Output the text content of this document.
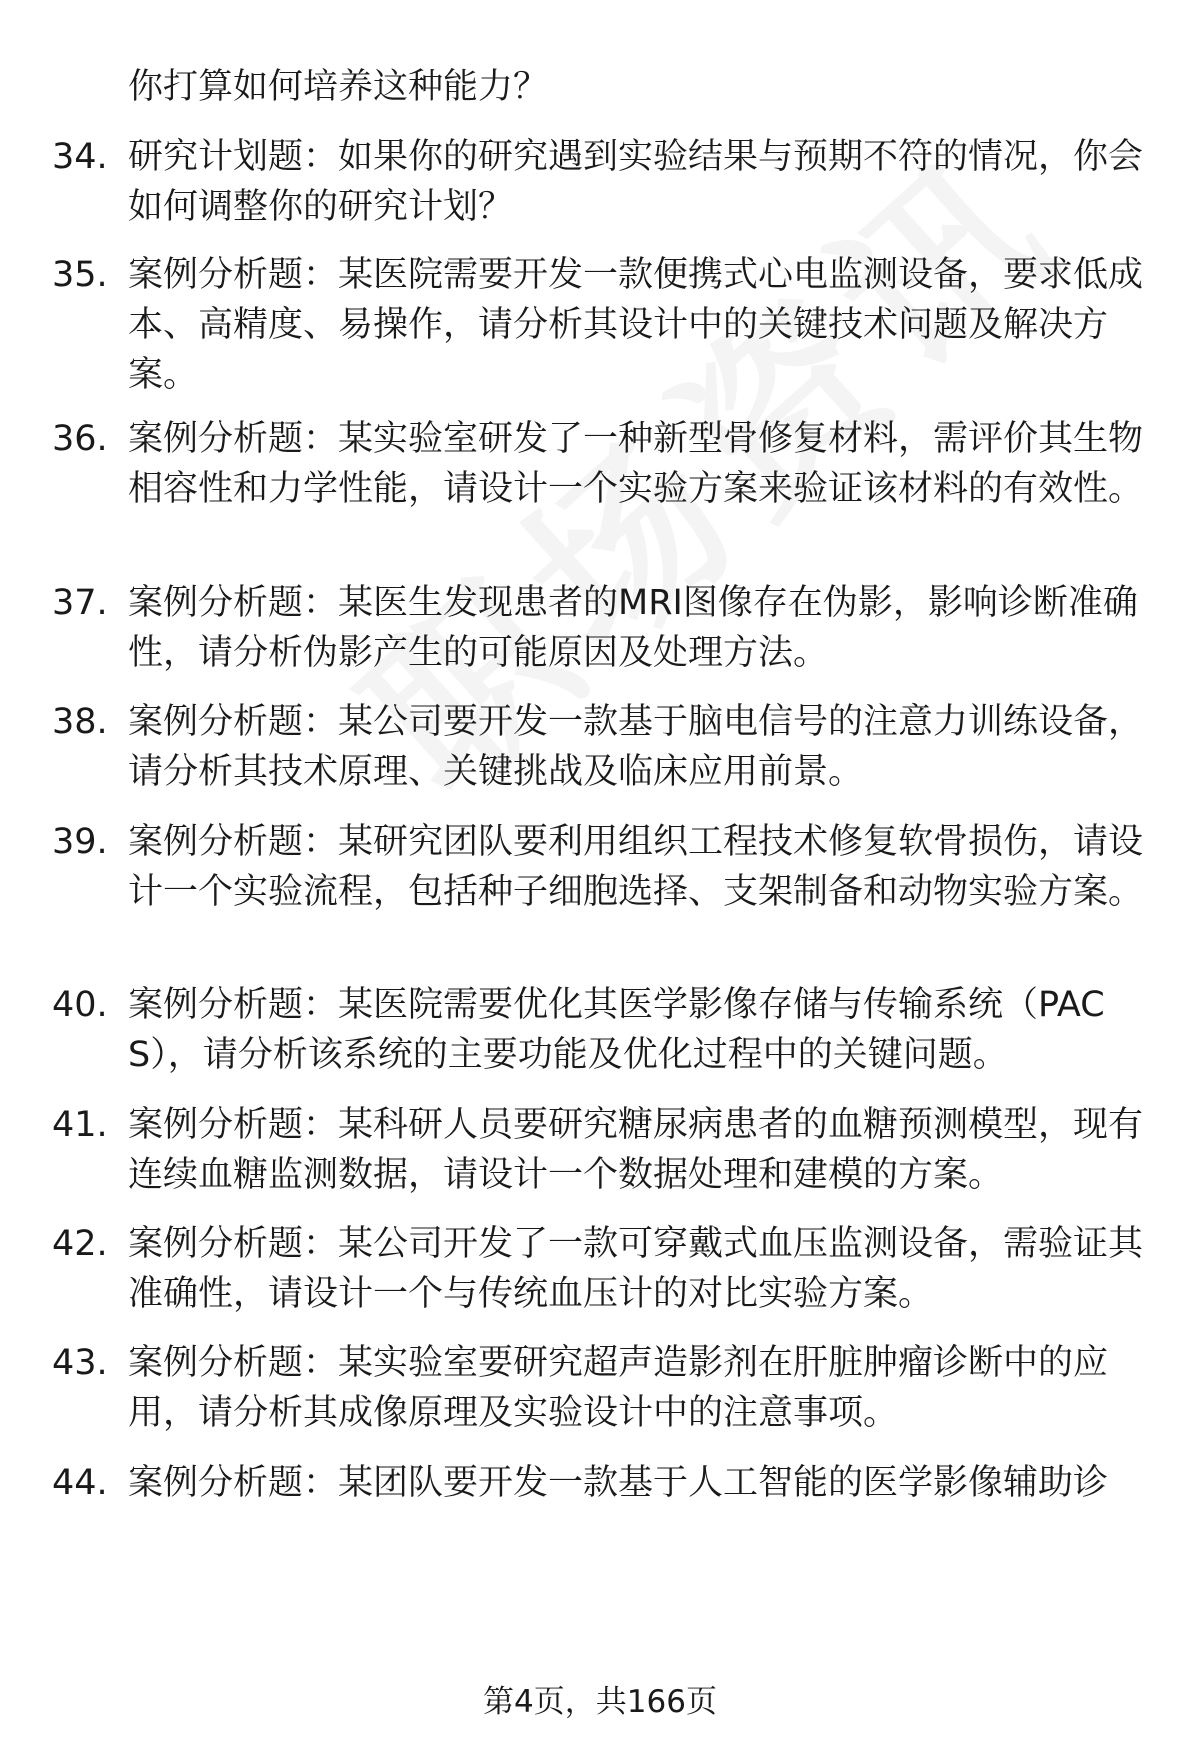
你打算如何培养这种能力？
34. 研究计划题：如果你的研究遇到实验结果与预期不符的情况，你会如何调整你的研究计划？
35. 案例分析题：某医院需要开发一款便携式心电监测设备，要求低成本、高精度、易操作，请分析其设计中的关键技术问题及解决方案。
36. 案例分析题：某实验室研发了一种新型骨修复材料，需评价其生物相容性和力学性能，请设计一个实验方案来验证该材料的有效性。
37. 案例分析题：某医生发现患者的MRI图像存在伪影，影响诊断准确性，请分析伪影产生的可能原因及处理方法。
38. 案例分析题：某公司要开发一款基于脑电信号的注意力训练设备，请分析其技术原理、关键挑战及临床应用前景。
39. 案例分析题：某研究团队要利用组织工程技术修复软骨损伤，请设计一个实验流程，包括种子细胞选择、支架制备和动物实验方案。
40. 案例分析题：某医院需要优化其医学影像存储与传输系统（PACS），请分析该系统的主要功能及优化过程中的关键问题。
41. 案例分析题：某科研人员要研究糖尿病患者的血糖预测模型，现有连续血糖监测数据，请设计一个数据处理和建模的方案。
42. 案例分析题：某公司开发了一款可穿戴式血压监测设备，需验证其准确性，请设计一个与传统血压计的对比实验方案。
43. 案例分析题：某实验室要研究超声造影剂在肝脏肿瘤诊断中的应用，请分析其成像原理及实验设计中的注意事项。
44. 案例分析题：某团队要开发一款基于人工智能的医学影像辅助诊
第4页，共166页
